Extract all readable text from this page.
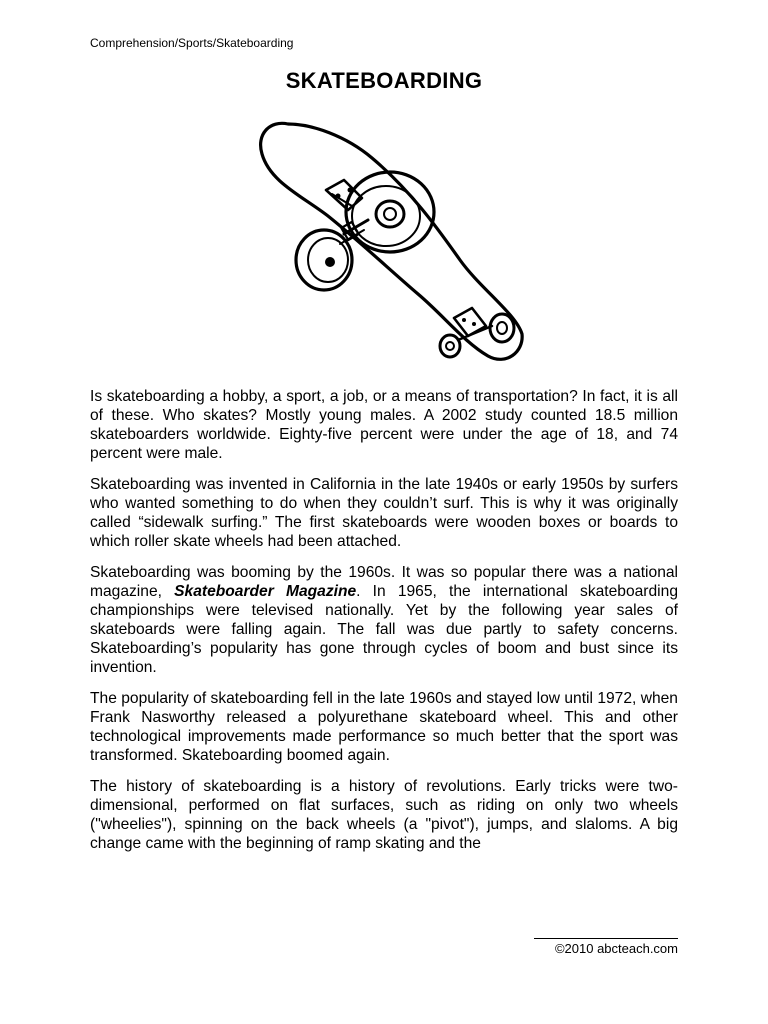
Comprehension/Sports/Skateboarding
SKATEBOARDING

Is skateboarding a hobby, a sport, a job, or a means of transportation? In fact, it is all of these. Who skates? Mostly young males. A 2002 study counted 18.5 million skateboarders worldwide. Eighty-five percent were under the age of 18, and 74 percent were male.

Skateboarding was invented in California in the late 1940s or early 1950s by surfers who wanted something to do when they couldn’t surf. This is why it was originally called “sidewalk surfing.” The first skateboards were wooden boxes or boards to which roller skate wheels had been attached.

Skateboarding was booming by the 1960s. It was so popular there was a national magazine, Skateboarder Magazine. In 1965, the international skateboarding championships were televised nationally. Yet by the following year sales of skateboards were falling again. The fall was due partly to safety concerns. Skateboarding’s popularity has gone through cycles of boom and bust since its invention.

The popularity of skateboarding fell in the late 1960s and stayed low until 1972, when Frank Nasworthy released a polyurethane skateboard wheel. This and other technological improvements made performance so much better that the sport was transformed. Skateboarding boomed again.

The history of skateboarding is a history of revolutions. Early tricks were two-dimensional, performed on flat surfaces, such as riding on only two wheels ("wheelies"), spinning on the back wheels (a "pivot"), jumps, and slaloms. A big change came with the beginning of ramp skating and the

©2010 abcteach.com
